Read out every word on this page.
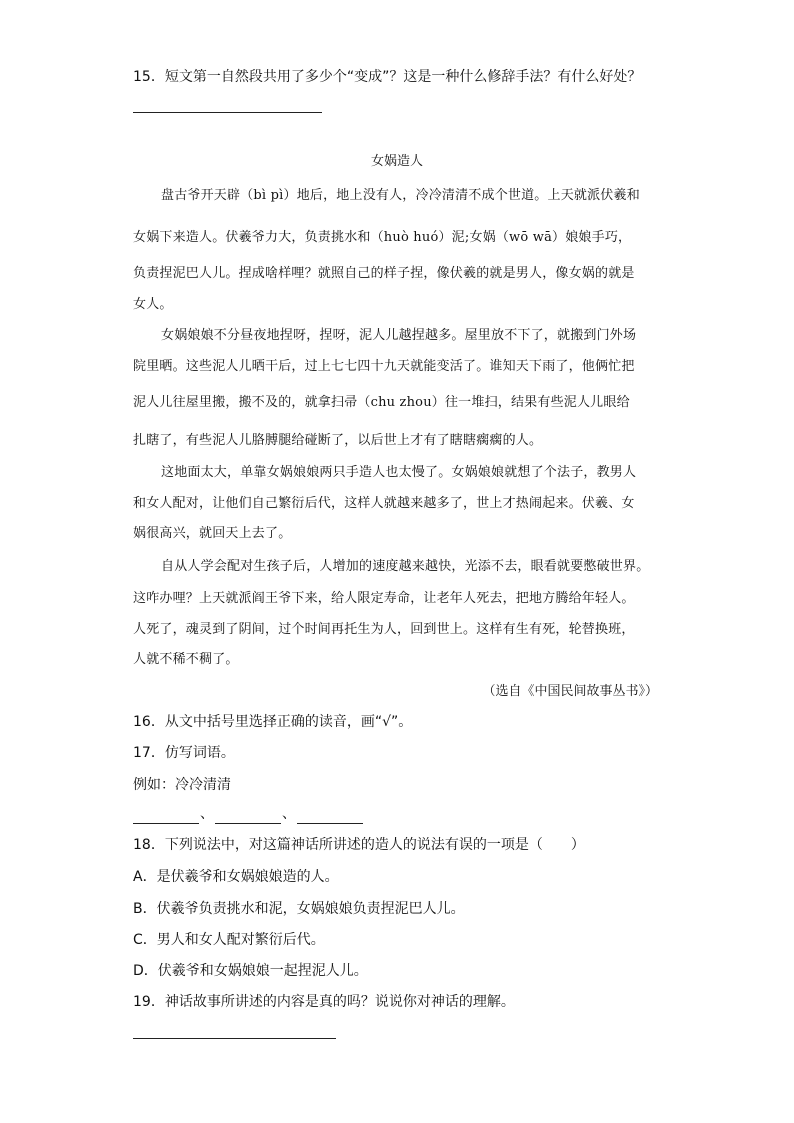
15．短文第一自然段共用了多少个“变成”？这是一种什么修辞手法？有什么好处？
女娲造人
盘古爷开天辟（bì pì）地后，地上没有人，冷冷清清不成个世道。上天就派伏羲和
女娲下来造人。伏羲爷力大，负责挑水和（huò huó）泥;女娲（wō wā）娘娘手巧，
负责捏泥巴人儿。捏成啥样哩？就照自己的样子捏，像伏羲的就是男人，像女娲的就是
女人。
女娲娘娘不分昼夜地捏呀，捏呀，泥人儿越捏越多。屋里放不下了，就搬到门外场
院里晒。这些泥人儿晒干后，过上七七四十九天就能变活了。谁知天下雨了，他俩忙把
泥人儿往屋里搬，搬不及的，就拿扫帚（chu zhou）往一堆扫，结果有些泥人儿眼给
扎瞎了，有些泥人儿胳膊腿给碰断了，以后世上才有了瞎瞎瘸瘸的人。
这地面太大，单靠女娲娘娘两只手造人也太慢了。女娲娘娘就想了个法子，教男人
和女人配对，让他们自己繁衍后代，这样人就越来越多了，世上才热闹起来。伏羲、女
娲很高兴，就回天上去了。
自从人学会配对生孩子后，人增加的速度越来越快，光添不去，眼看就要憋破世界。
这咋办哩？上天就派阎王爷下来，给人限定寿命，让老年人死去，把地方腾给年轻人。
人死了，魂灵到了阴间，过个时间再托生为人，回到世上。这样有生有死，轮替换班，
人就不稀不稠了。
（选自《中国民间故事丛书》）
16．从文中括号里选择正确的读音，画“√”。
17．仿写词语。
例如：冷冷清清
、	、
18．下列说法中，对这篇神话所讲述的造人的说法有误的一项是（　　）
A．是伏羲爷和女娲娘娘造的人。
B．伏羲爷负责挑水和泥，女娲娘娘负责捏泥巴人儿。
C．男人和女人配对繁衍后代。
D．伏羲爷和女娲娘娘一起捏泥人儿。
19．神话故事所讲述的内容是真的吗？说说你对神话的理解。
